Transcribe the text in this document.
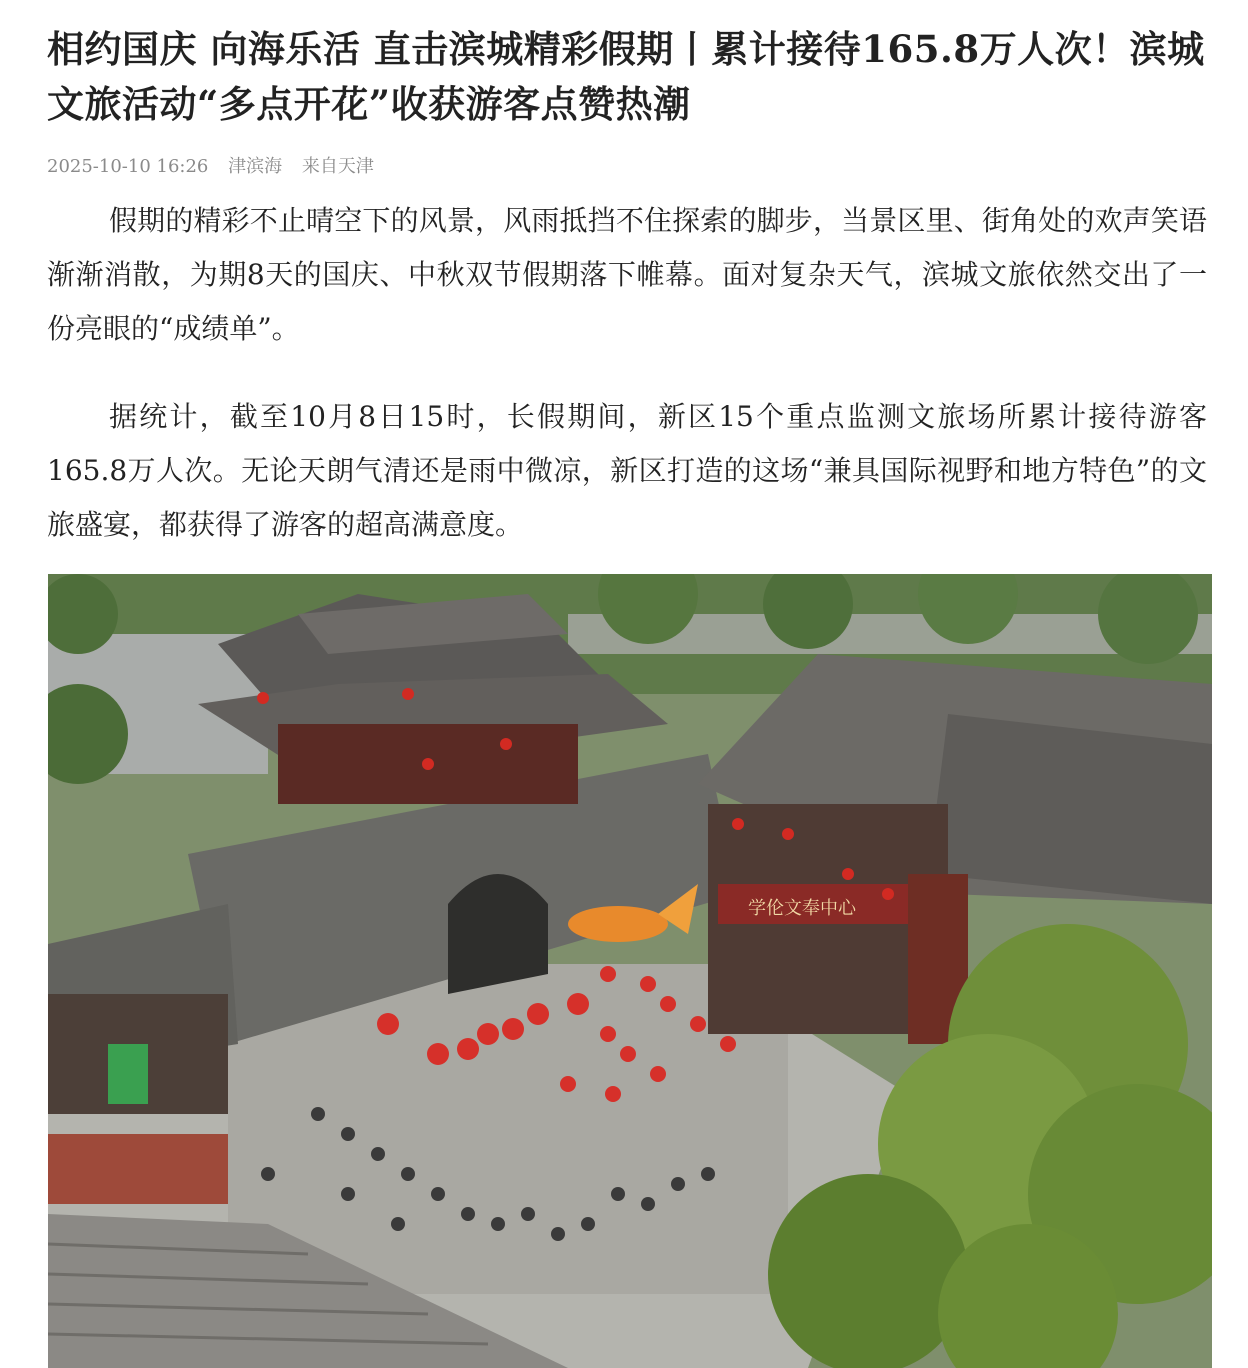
相约国庆 向海乐活 直击滨城精彩假期丨累计接待165.8万人次！滨城文旅活动“多点开花”收获游客点赞热潮
2025-10-10 16:26 津滨海 来自天津

假期的精彩不止晴空下的风景，风雨抵挡不住探索的脚步，当景区里、街角处的欢声笑语渐渐消散，为期8天的国庆、中秋双节假期落下帷幕。面对复杂天气，滨城文旅依然交出了一份亮眼的“成绩单”。

据统计，截至10月8日15时，长假期间，新区15个重点监测文旅场所累计接待游客165.8万人次。无论天朗气清还是雨中微凉，新区打造的这场“兼具国际视野和地方特色”的文旅盛宴，都获得了游客的超高满意度。

学伦文奉中心
